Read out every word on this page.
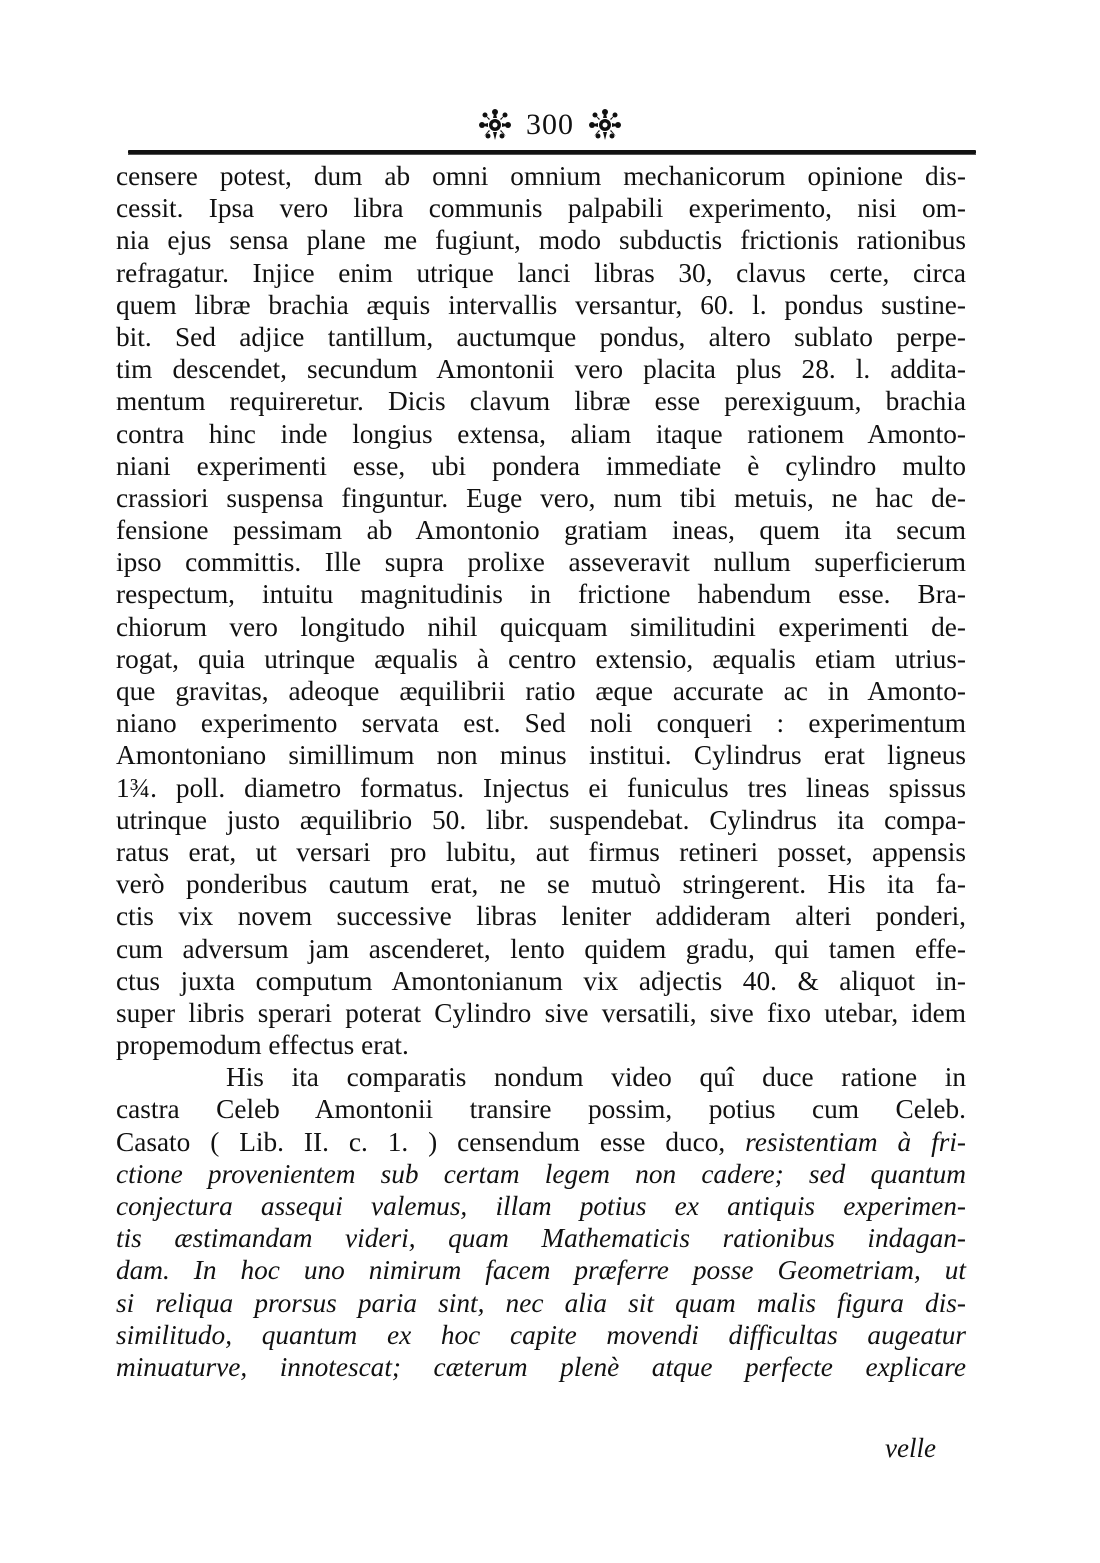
300
censere potest, dum ab omni omnium mechanicorum opinione dis-
cessit. Ipsa vero libra communis palpabili experimento, nisi om-
nia ejus sensa plane me fugiunt, modo subductis frictionis rationibus
refragatur. Injice enim utrique lanci libras 30, clavus certe, circa
quem libræ brachia æquis intervallis versantur, 60. l. pondus sustine-
bit. Sed adjice tantillum, auctumque pondus, altero sublato perpe-
tim descendet, secundum Amontonii vero placita plus 28. l. addita-
mentum requireretur. Dicis clavum libræ esse perexiguum, brachia
contra hinc inde longius extensa, aliam itaque rationem Amonto-
niani experimenti esse, ubi pondera immediate è cylindro multo
crassiori suspensa finguntur. Euge vero, num tibi metuis, ne hac de-
fensione pessimam ab Amontonio gratiam ineas, quem ita secum
ipso committis. Ille supra prolixe asseveravit nullum superficierum
respectum, intuitu magnitudinis in frictione habendum esse. Bra-
chiorum vero longitudo nihil quicquam similitudini experimenti de-
rogat, quia utrinque æqualis à centro extensio, æqualis etiam utrius-
que gravitas, adeoque æquilibrii ratio æque accurate ac in Amonto-
niano experimento servata est. Sed noli conqueri : experimentum
Amontoniano simillimum non minus institui. Cylindrus erat ligneus
1¾. poll. diametro formatus. Injectus ei funiculus tres lineas spissus
utrinque justo æquilibrio 50. libr. suspendebat. Cylindrus ita compa-
ratus erat, ut versari pro lubitu, aut firmus retineri posset, appensis
verò ponderibus cautum erat, ne se mutuò stringerent. His ita fa-
ctis vix novem successive libras leniter addideram alteri ponderi,
cum adversum jam ascenderet, lento quidem gradu, qui tamen effe-
ctus juxta computum Amontonianum vix adjectis 40. & aliquot in-
super libris sperari poterat Cylindro sive versatili, sive fixo utebar, idem
propemodum effectus erat.
His ita comparatis nondum video quî duce ratione in
castra Celeb Amontonii transire possim, potius cum Celeb.
Casato ( Lib. II. c. 1. ) censendum esse duco, resistentiam à fri-
ctione provenientem sub certam legem non cadere; sed quantum
conjectura assequi valemus, illam potius ex antiquis experimen-
tis æstimandam videri, quam Mathematicis rationibus indagan-
dam. In hoc uno nimirum facem præferre posse Geometriam, ut
si reliqua prorsus paria sint, nec alia sit quam malis figura dis-
similitudo, quantum ex hoc capite movendi difficultas augeatur
minuaturve, innotescat; cæterum plenè atque perfecte explicare
velle
